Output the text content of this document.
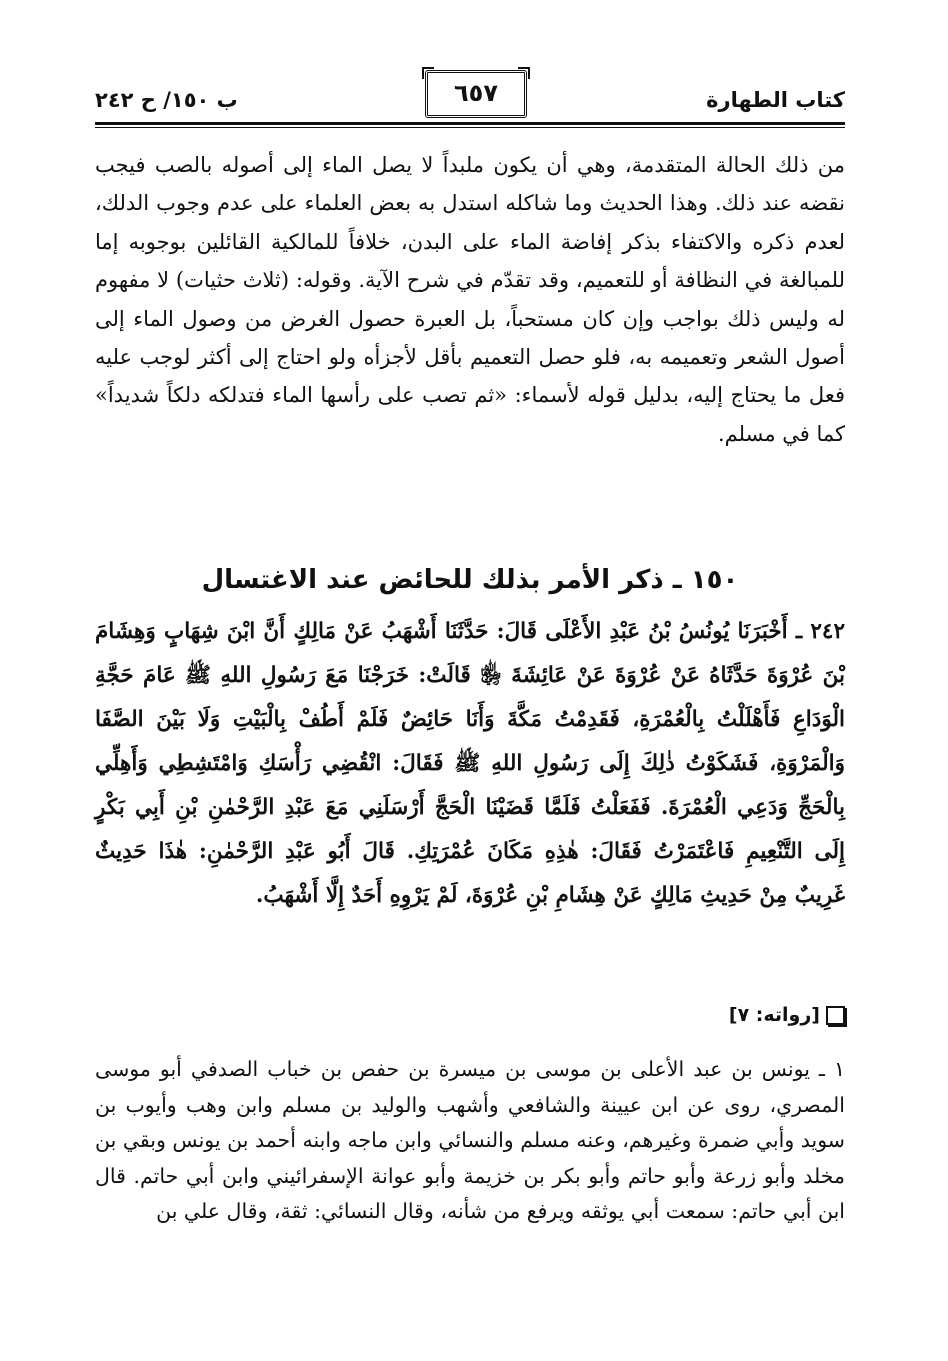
كتاب الطهارة
٦٥٧
ب ١٥٠/ ح ٢٤٢
من ذلك الحالة المتقدمة، وهي أن يكون ملبداً لا يصل الماء إلى أصوله بالصب فيجب نقضه عند ذلك. وهذا الحديث وما شاكله استدل به بعض العلماء على عدم وجوب الدلك، لعدم ذكره والاكتفاء بذكر إفاضة الماء على البدن، خلافاً للمالكية القائلين بوجوبه إما للمبالغة في النظافة أو للتعميم، وقد تقدّم في شرح الآية. وقوله: (ثلاث حثيات) لا مفهوم له وليس ذلك بواجب وإن كان مستحباً، بل العبرة حصول الغرض من وصول الماء إلى أصول الشعر وتعميمه به، فلو حصل التعميم بأقل لأجزأه ولو احتاج إلى أكثر لوجب عليه فعل ما يحتاج إليه، بدليل قوله لأسماء: «ثم تصب على رأسها الماء فتدلكه دلكاً شديداً» كما في مسلم.
١٥٠ ـ ذكر الأمر بذلك للحائض عند الاغتسال
٢٤٢ ـ أَخْبَرَنَا يُونُسُ بْنُ عَبْدِ الأَعْلَى قَالَ: حَدَّثَنَا أَشْهَبُ عَنْ مَالِكٍ أَنَّ ابْنَ شِهَابٍ وَهِشَامَ بْنَ عُرْوَةَ حَدَّثَاهُ عَنْ عُرْوَةَ عَنْ عَائِشَةَ ﵂ قَالَتْ: خَرَجْنَا مَعَ رَسُولِ اللهِ ﷺ عَامَ حَجَّةِ الْوَدَاعِ فَأَهْلَلْتُ بِالْعُمْرَةِ، فَقَدِمْتُ مَكَّةَ وَأَنَا حَائِضٌ فَلَمْ أَطُفْ بِالْبَيْتِ وَلَا بَيْنَ الصَّفَا وَالْمَرْوَةِ، فَشَكَوْتُ ذٰلِكَ إِلَى رَسُولِ اللهِ ﷺ فَقَالَ: انْقُضِي رَأْسَكِ وَامْتَشِطِي وَأَهِلِّي بِالْحَجِّ وَدَعِي الْعُمْرَةَ. فَفَعَلْتُ فَلَمَّا قَضَيْنَا الْحَجَّ أَرْسَلَنِي مَعَ عَبْدِ الرَّحْمٰنِ بْنِ أَبِي بَكْرٍ إِلَى التَّنْعِيمِ فَاعْتَمَرْتُ فَقَالَ: هٰذِهِ مَكَانَ عُمْرَتِكِ. قَالَ أَبُو عَبْدِ الرَّحْمٰنِ: هٰذَا حَدِيثٌ غَرِيبٌ مِنْ حَدِيثِ مَالِكٍ عَنْ هِشَامِ بْنِ عُرْوَةَ، لَمْ يَرْوِهِ أَحَدٌ إِلَّا أَشْهَبُ.
[رواته: ٧]
١ ـ يونس بن عبد الأعلى بن موسى بن ميسرة بن حفص بن خباب الصدفي أبو موسى المصري، روى عن ابن عيينة والشافعي وأشهب والوليد بن مسلم وابن وهب وأيوب بن سويد وأبي ضمرة وغيرهم، وعنه مسلم والنسائي وابن ماجه وابنه أحمد بن يونس وبقي بن مخلد وأبو زرعة وأبو حاتم وأبو بكر بن خزيمة وأبو عوانة الإسفرائيني وابن أبي حاتم. قال ابن أبي حاتم: سمعت أبي يوثقه ويرفع من شأنه، وقال النسائي: ثقة، وقال علي بن
